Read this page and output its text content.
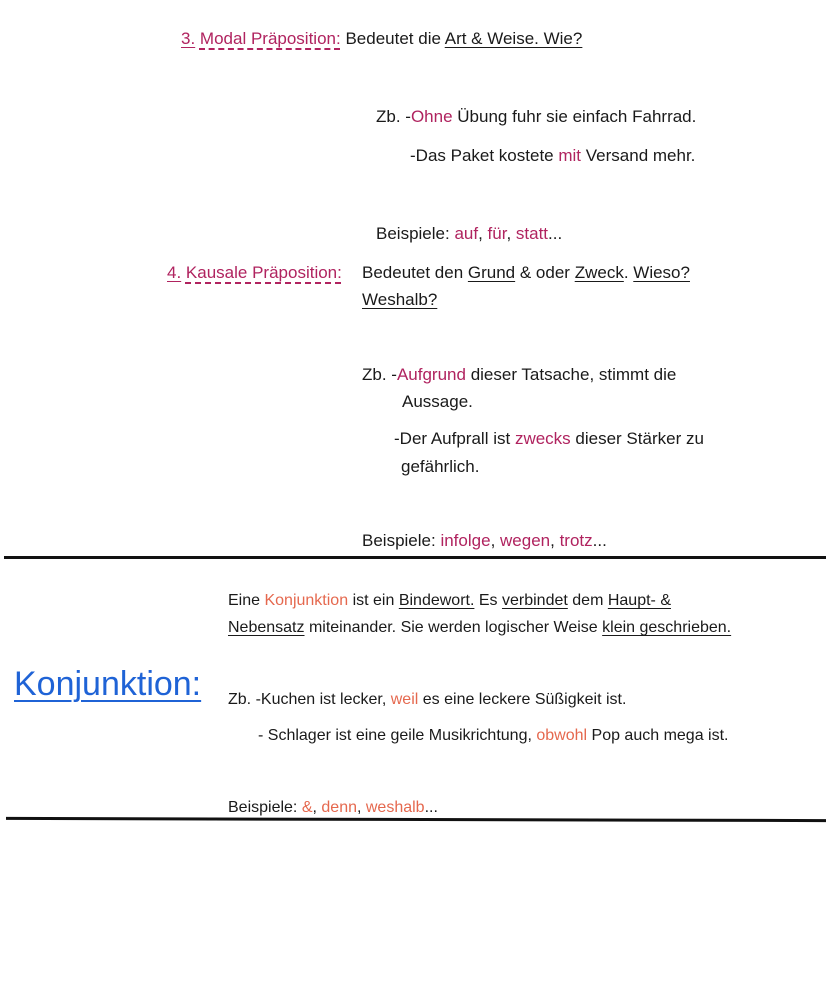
3. Modal Präposition: Bedeutet die Art & Weise. Wie?
Zb. -Ohne Übung fuhr sie einfach Fahrrad.
-Das Paket kostete mit Versand mehr.
Beispiele: auf, für, statt...
4. Kausale Präposition: Bedeutet den Grund & oder Zweck. Wieso?
Weshalb?
Zb. -Aufgrund dieser Tatsache, stimmt die
Aussage.
-Der Aufprall ist zwecks dieser Stärker zu
gefährlich.
Beispiele: infolge, wegen, trotz...
Konjunktion:
Eine Konjunktion ist ein Bindewort. Es verbindet dem Haupt- &
Nebensatz miteinander. Sie werden logischer Weise klein geschrieben.
Zb. -Kuchen ist lecker, weil es eine leckere Süßigkeit ist.
- Schlager ist eine geile Musikrichtung, obwohl Pop auch mega ist.
Beispiele: &, denn, weshalb...
